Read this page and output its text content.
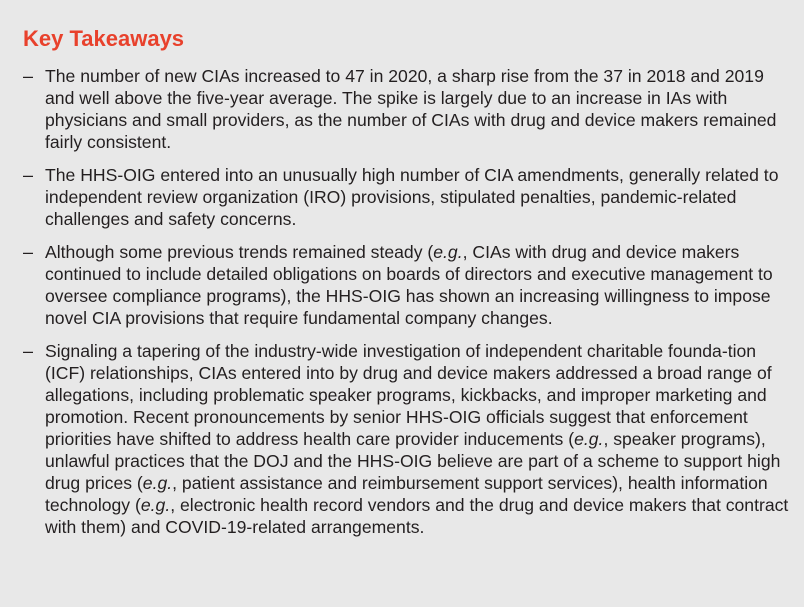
Key Takeaways
– The number of new CIAs increased to 47 in 2020, a sharp rise from the 37 in 2018 and 2019 and well above the five-year average. The spike is largely due to an increase in IAs with physicians and small providers, as the number of CIAs with drug and device makers remained fairly consistent.
– The HHS-OIG entered into an unusually high number of CIA amendments, generally related to independent review organization (IRO) provisions, stipulated penalties, pandemic-related challenges and safety concerns.
– Although some previous trends remained steady (e.g., CIAs with drug and device makers continued to include detailed obligations on boards of directors and executive management to oversee compliance programs), the HHS-OIG has shown an increasing willingness to impose novel CIA provisions that require fundamental company changes.
– Signaling a tapering of the industry-wide investigation of independent charitable founda-tion (ICF) relationships, CIAs entered into by drug and device makers addressed a broad range of allegations, including problematic speaker programs, kickbacks, and improper marketing and promotion. Recent pronouncements by senior HHS-OIG officials suggest that enforcement priorities have shifted to address health care provider inducements (e.g., speaker programs), unlawful practices that the DOJ and the HHS-OIG believe are part of a scheme to support high drug prices (e.g., patient assistance and reimbursement support services), health information technology (e.g., electronic health record vendors and the drug and device makers that contract with them) and COVID-19-related arrangements.
